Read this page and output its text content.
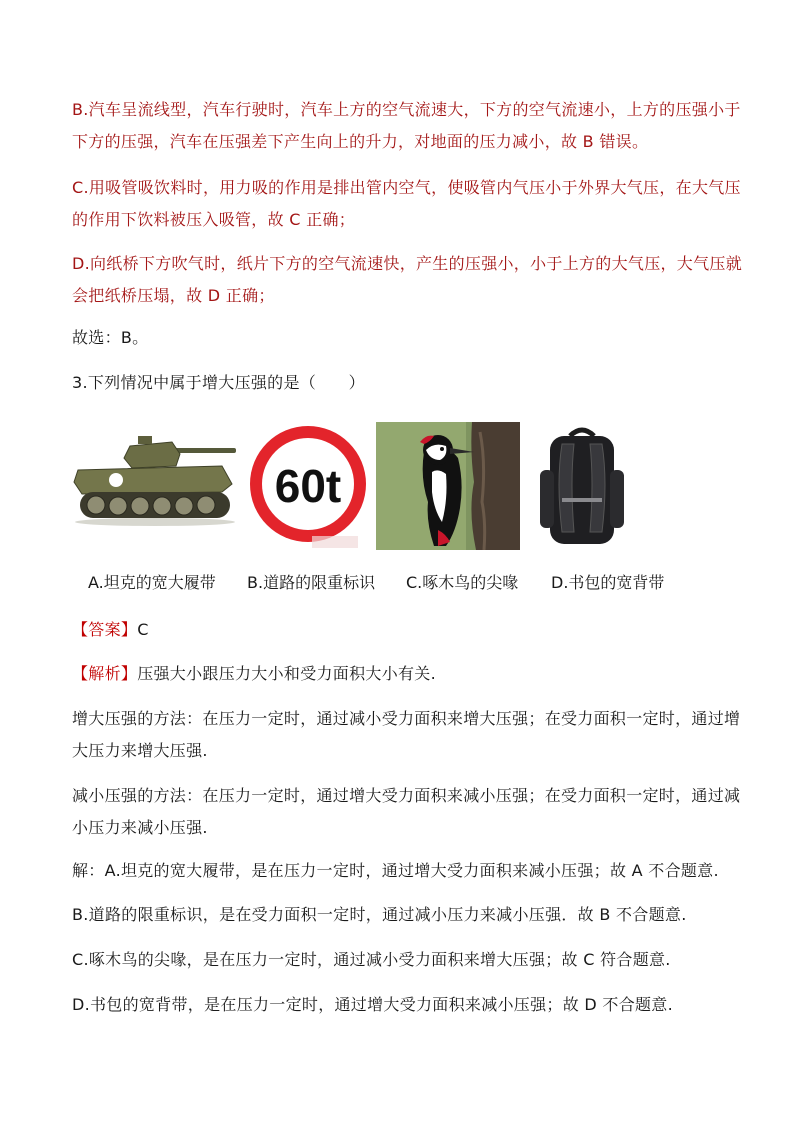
B.汽车呈流线型，汽车行驶时，汽车上方的空气流速大，下方的空气流速小，上方的压强小于
下方的压强，汽车在压强差下产生向上的升力，对地面的压力减小，故 B 错误。
C.用吸管吸饮料时，用力吸的作用是排出管内空气，使吸管内气压小于外界大气压，在大气压
的作用下饮料被压入吸管，故 C 正确；
D.向纸桥下方吹气时，纸片下方的空气流速快，产生的压强小，小于上方的大气压，大气压就
会把纸桥压塌，故 D 正确；
故选：B。
3.下列情况中属于增大压强的是（　　）
60t
A.坦克的宽大履带 B.道路的限重标识 C.啄木鸟的尖喙 D.书包的宽背带
【答案】C
【解析】压强大小跟压力大小和受力面积大小有关.
增大压强的方法：在压力一定时，通过减小受力面积来增大压强；在受力面积一定时，通过增
大压力来增大压强.
减小压强的方法：在压力一定时，通过增大受力面积来减小压强；在受力面积一定时，通过减
小压力来减小压强.
解：A.坦克的宽大履带，是在压力一定时，通过增大受力面积来减小压强；故 A 不合题意.
B.道路的限重标识，是在受力面积一定时，通过减小压力来减小压强．故 B 不合题意.
C.啄木鸟的尖喙，是在压力一定时，通过减小受力面积来增大压强；故 C 符合题意.
D.书包的宽背带，是在压力一定时，通过增大受力面积来减小压强；故 D 不合题意.
